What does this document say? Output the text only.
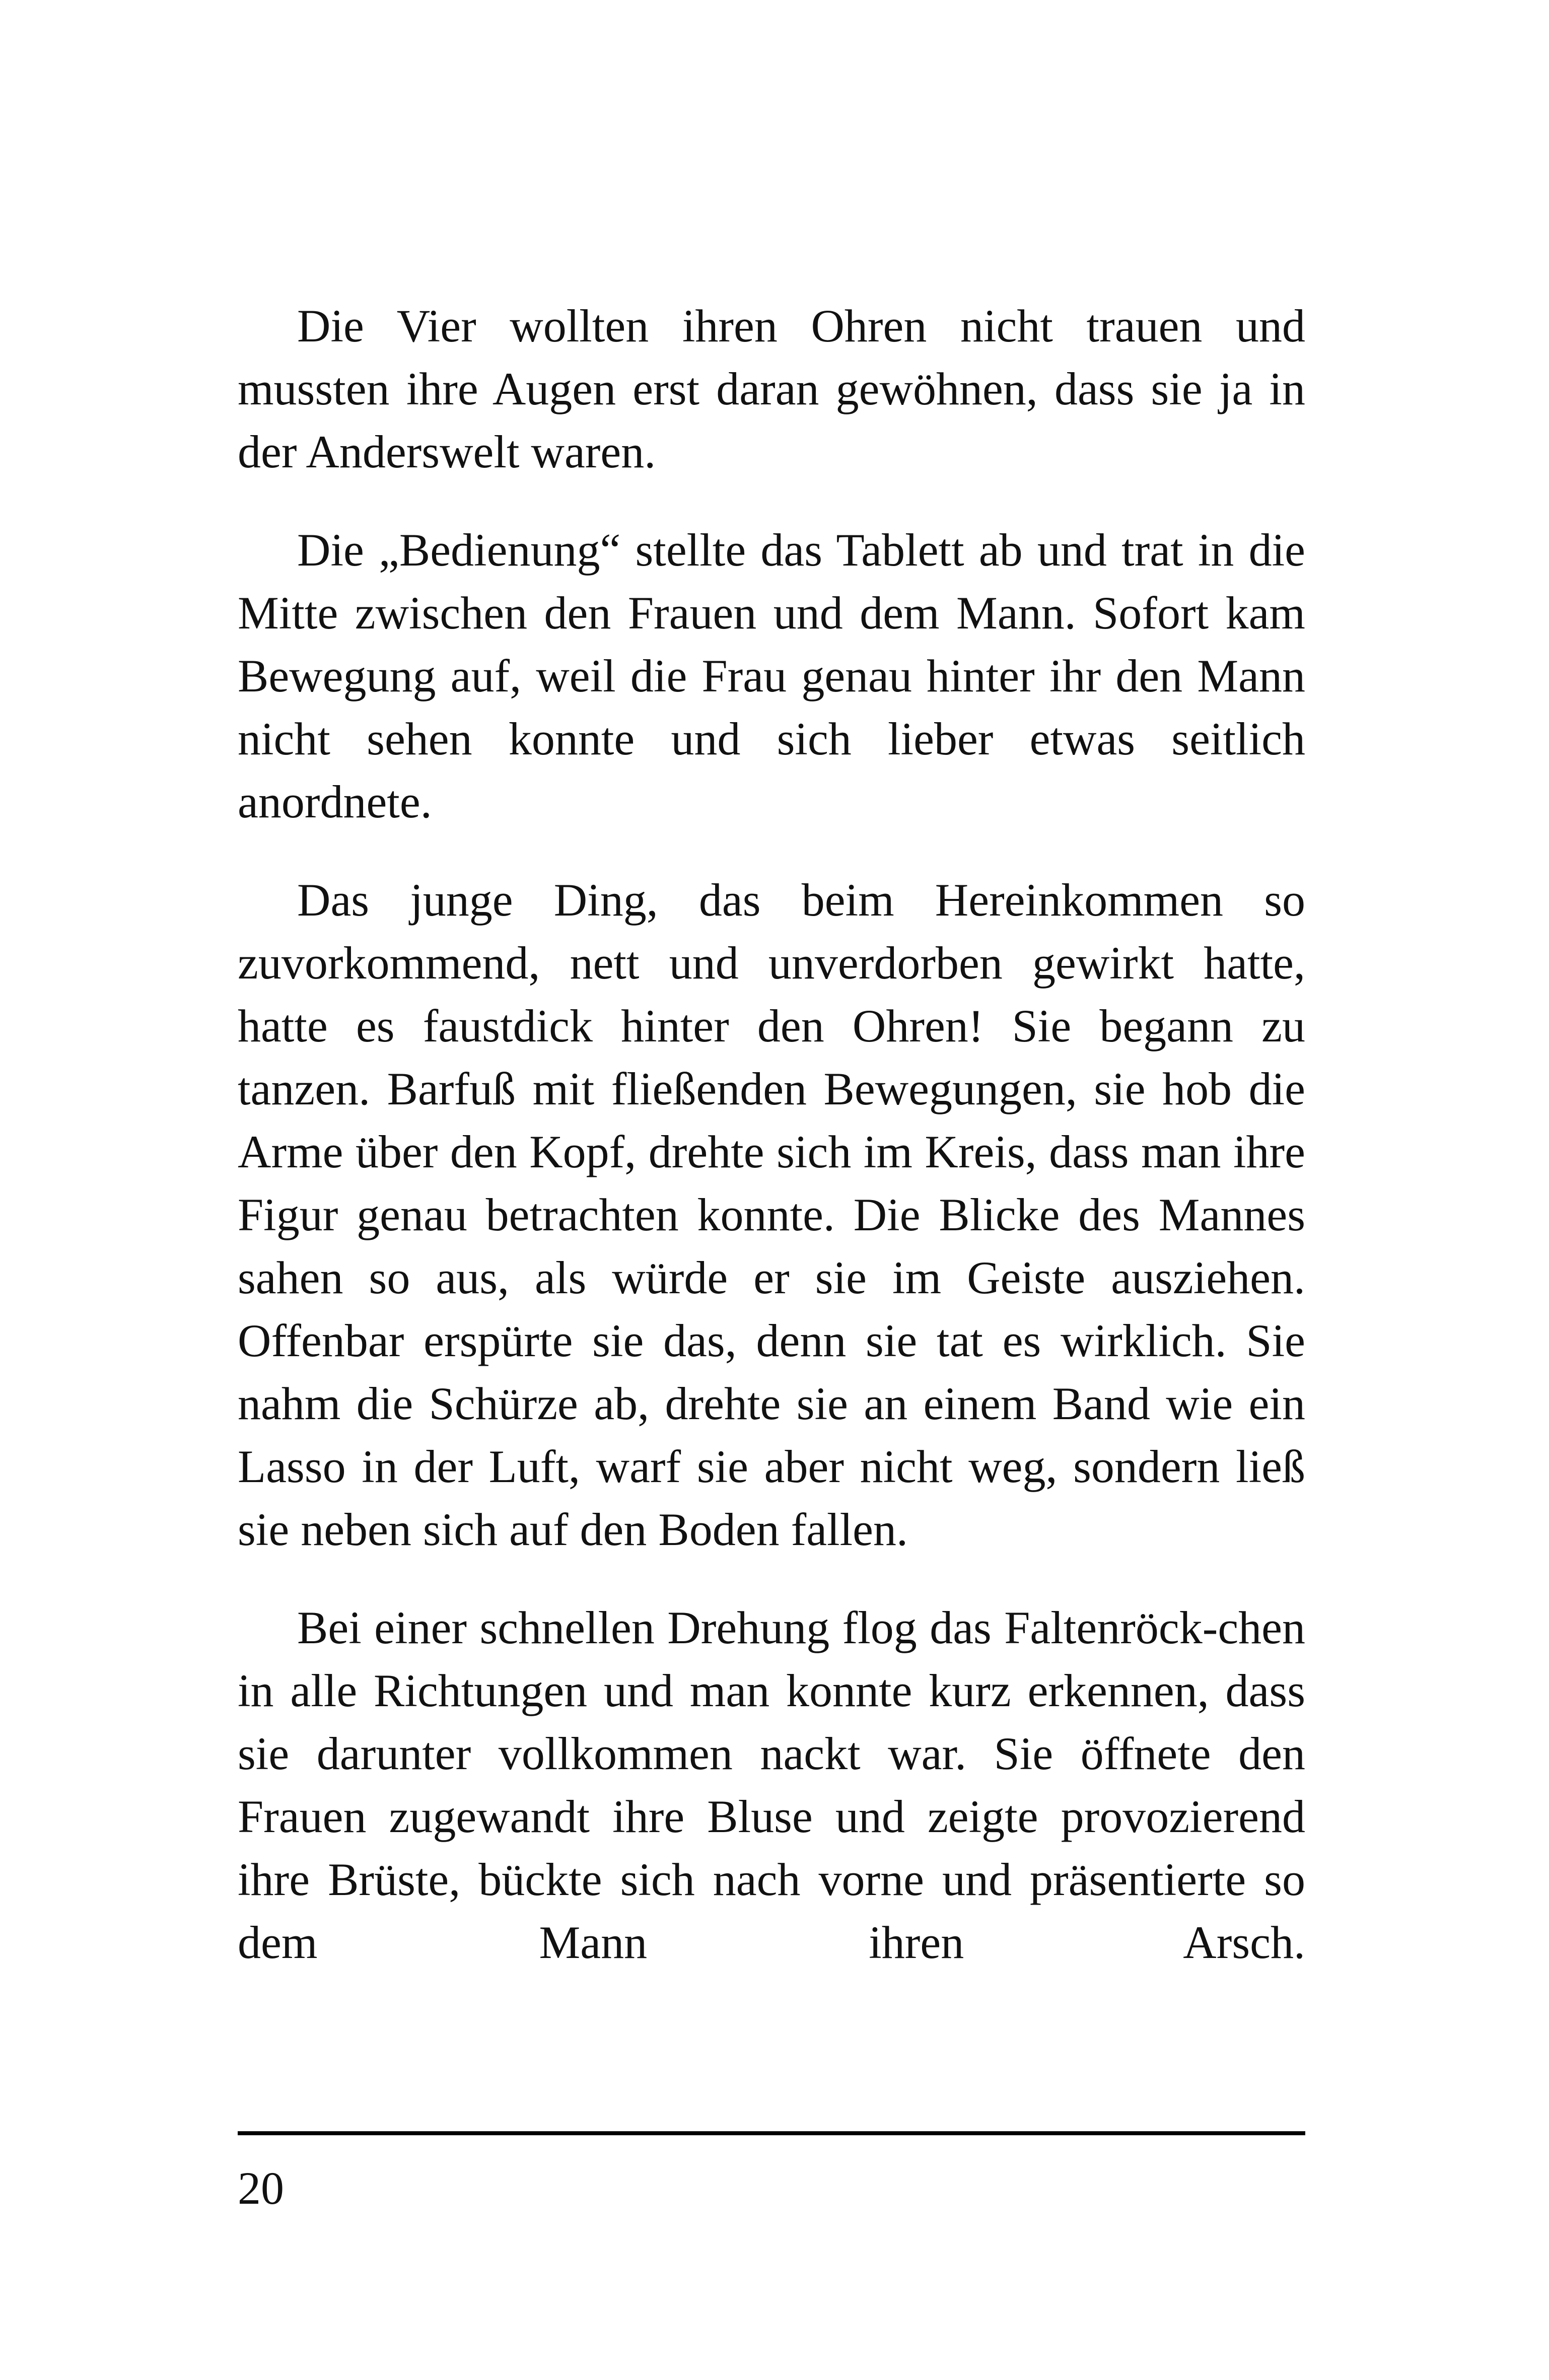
Die Vier wollten ihren Ohren nicht trauen und mussten ihre Augen erst daran gewöhnen, dass sie ja in der Anderswelt waren.

Die „Bedienung“ stellte das Tablett ab und trat in die Mitte zwischen den Frauen und dem Mann. Sofort kam Bewegung auf, weil die Frau genau hinter ihr den Mann nicht sehen konnte und sich lieber etwas seitlich anordnete.

Das junge Ding, das beim Hereinkommen so zuvorkommend, nett und unverdorben gewirkt hatte, hatte es faustdick hinter den Ohren! Sie begann zu tanzen. Barfuß mit fließenden Bewegungen, sie hob die Arme über den Kopf, drehte sich im Kreis, dass man ihre Figur genau betrachten konnte. Die Blicke des Mannes sahen so aus, als würde er sie im Geiste ausziehen. Offenbar erspürte sie das, denn sie tat es wirklich. Sie nahm die Schürze ab, drehte sie an einem Band wie ein Lasso in der Luft, warf sie aber nicht weg, sondern ließ sie neben sich auf den Boden fallen.

Bei einer schnellen Drehung flog das Faltenröck-chen in alle Richtungen und man konnte kurz erkennen, dass sie darunter vollkommen nackt war. Sie öffnete den Frauen zugewandt ihre Bluse und zeigte provozierend ihre Brüste, bückte sich nach vorne und präsentierte so dem Mann ihren Arsch.

20
